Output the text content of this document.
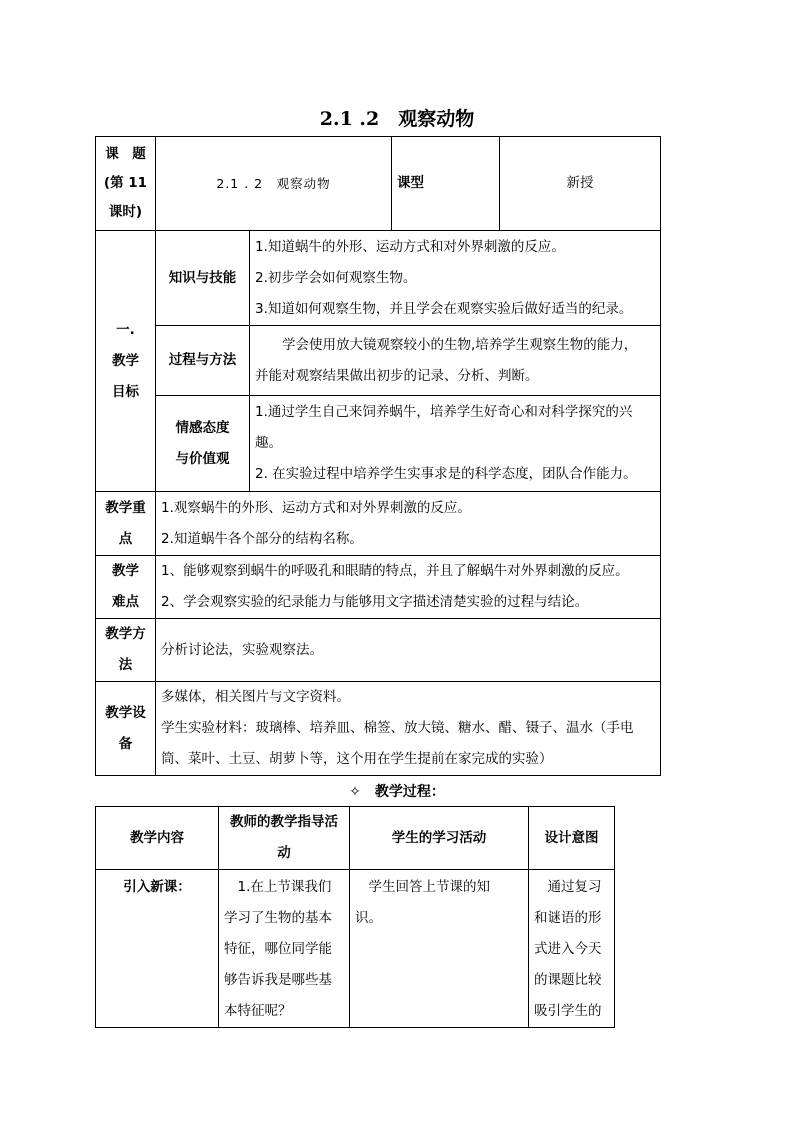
2.1 .2　观察动物
课　题
(第 11
课时)	2.1 . 2　观察动物		课型	新授

一.
教学
目标	知识与技能	1.知道蜗牛的外形、运动方式和对外界刺激的反应。
2.初步学会如何观察生物。
3.知道如何观察生物，并且学会在观察实验后做好适当的纪录。		

	过程与方法	学会使用放大镜观察较小的生物,培养学生观察生物的能力，
并能对观察结果做出初步的记录、分析、判断。		

	情感态度
与价值观	1.通过学生自己来饲养蜗牛，培养学生好奇心和对科学探究的兴
趣。
2. 在实验过程中培养学生实事求是的科学态度，团队合作能力。		

教学重
点	1.观察蜗牛的外形、运动方式和对外界刺激的反应。
2.知道蜗牛各个部分的结构名称。			

教学
难点	1、能够观察到蜗牛的呼吸孔和眼睛的特点，并且了解蜗牛对外界刺激的反应。
2、学会观察实验的纪录能力与能够用文字描述清楚实验的过程与结论。			

教学方
法	分析讨论法，实验观察法。			

教学设
备	多媒体，相关图片与文字资料。
学生实验材料：玻璃棒、培养皿、棉签、放大镜、糖水、醋、镊子、温水（手电
筒、菜叶、土豆、胡萝卜等，这个用在学生提前在家完成的实验）			
✧　教学过程：
教学内容	教师的教学指导活
动	学生的学习活动	设计意图
引入新课：	　1.在上节课我们
学习了生物的基本
特征，哪位同学能
够告诉我是哪些基
本特征呢？	　学生回答上节课的知
识。	　通过复习
和谜语的形
式进入今天
的课题比较
吸引学生的
